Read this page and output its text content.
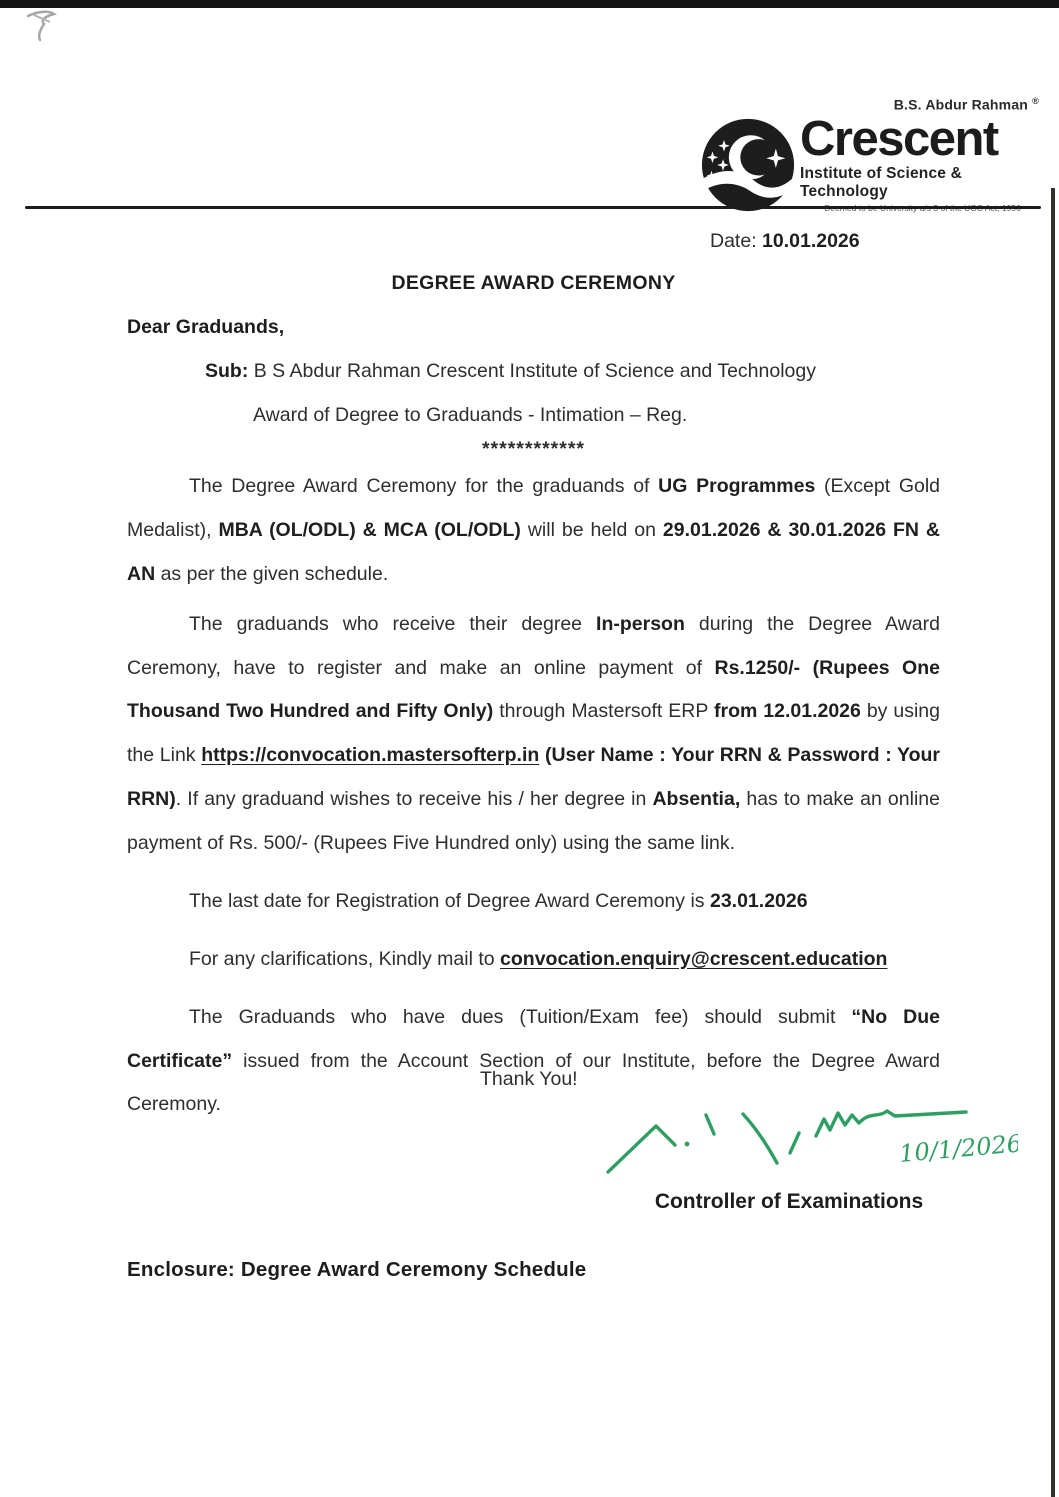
B.S. Abdur Rahman ®
Crescent
Institute of Science & Technology
Date: 10.01.2026
DEGREE AWARD CEREMONY
Dear Graduands,
Sub: B S Abdur Rahman Crescent Institute of Science and Technology
Award of Degree to Graduands - Intimation – Reg.
************
The Degree Award Ceremony for the graduands of UG Programmes (Except Gold Medalist), MBA (OL/ODL) & MCA (OL/ODL) will be held on 29.01.2026 & 30.01.2026 FN & AN as per the given schedule.
The graduands who receive their degree In-person during the Degree Award Ceremony, have to register and make an online payment of Rs.1250/- (Rupees One Thousand Two Hundred and Fifty Only) through Mastersoft ERP from 12.01.2026 by using the Link https://convocation.mastersofterp.in (User Name : Your RRN & Password : Your RRN). If any graduand wishes to receive his / her degree in Absentia, has to make an online payment of Rs. 500/- (Rupees Five Hundred only) using the same link.
The last date for Registration of Degree Award Ceremony is 23.01.2026
For any clarifications, Kindly mail to convocation.enquiry@crescent.education
The Graduands who have dues (Tuition/Exam fee) should submit “No Due Certificate” issued from the Account Section of our Institute, before the Degree Award Ceremony.
Thank You!
10/1/2026
Controller of Examinations
Enclosure: Degree Award Ceremony Schedule
